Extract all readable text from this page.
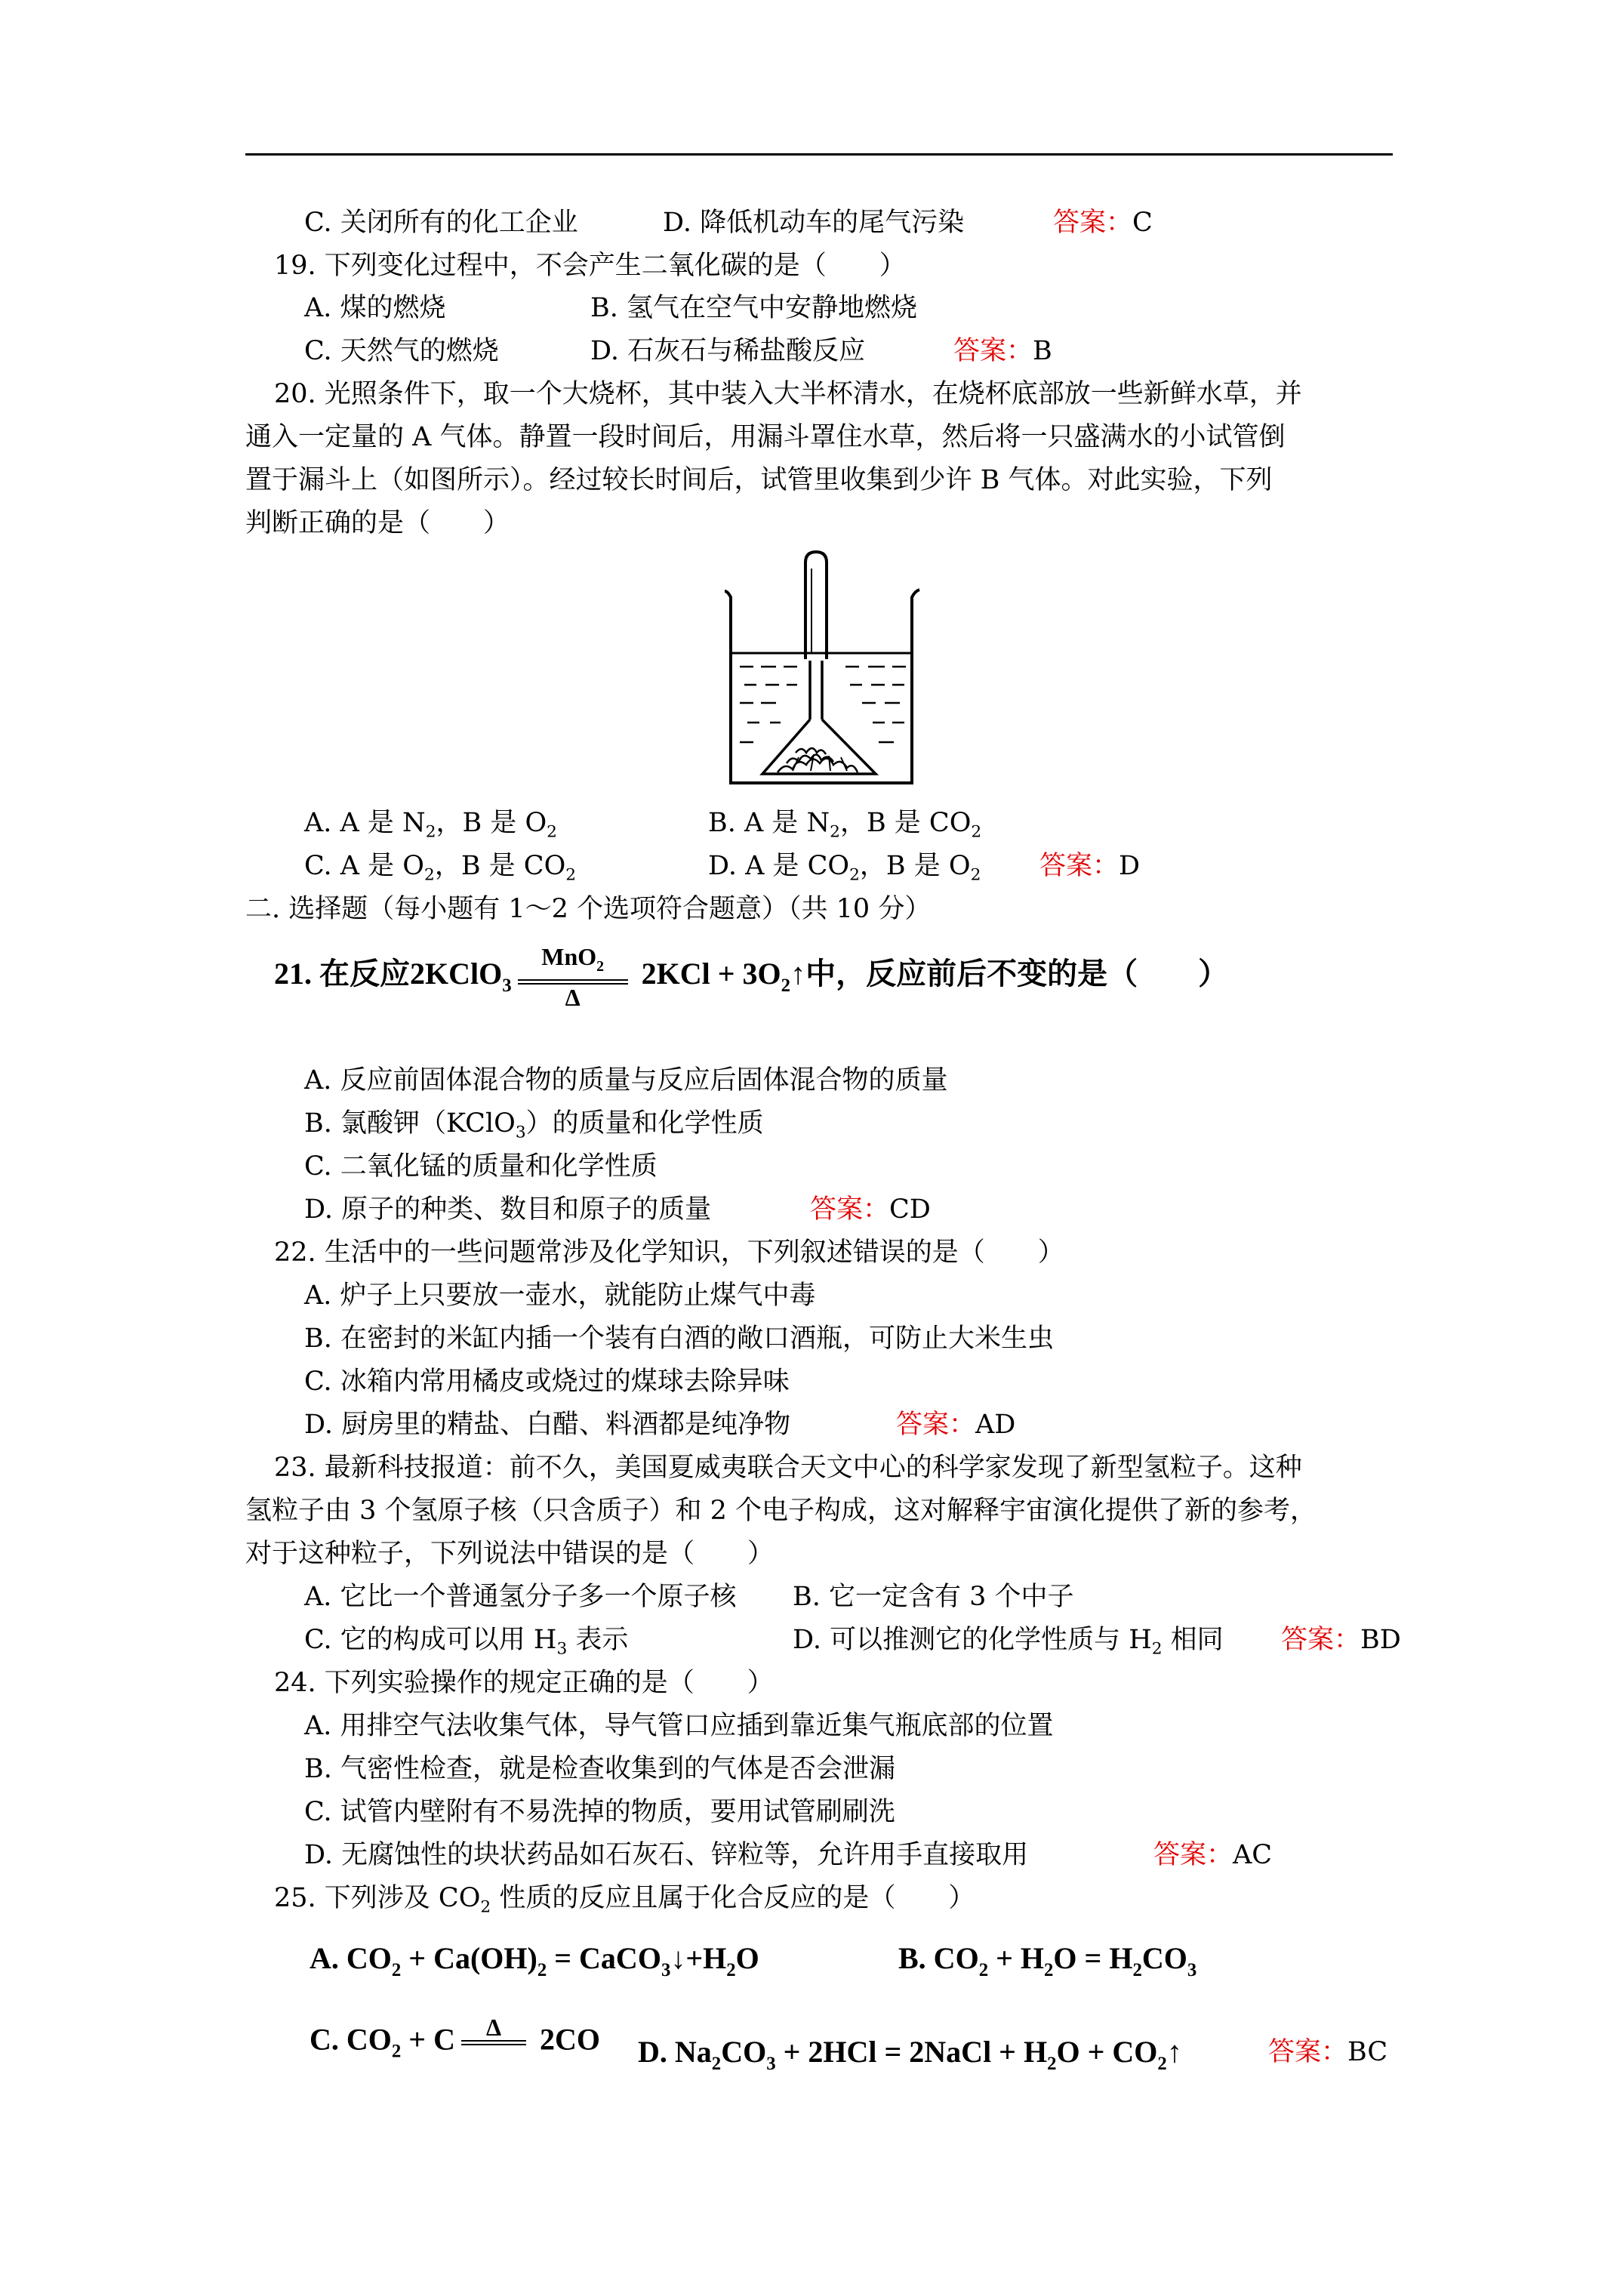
C. 关闭所有的化工企业	D. 降低机动车的尾气污染	答案：C
19. 下列变化过程中，不会产生二氧化碳的是（　　）
A. 煤的燃烧	B. 氢气在空气中安静地燃烧
C. 天然气的燃烧	D. 石灰石与稀盐酸反应	答案：B
20. 光照条件下，取一个大烧杯，其中装入大半杯清水，在烧杯底部放一些新鲜水草，并
通入一定量的 A 气体。静置一段时间后，用漏斗罩住水草，然后将一只盛满水的小试管倒
置于漏斗上（如图所示）。经过较长时间后，试管里收集到少许 B 气体。对此实验，下列
判断正确的是（　　）
A. A 是 $N_2$，B 是 $O_2$	B. A 是 $N_2$，B 是 $CO_2$
C. A 是 $O_2$，B 是 $CO_2$	D. A 是 $CO_2$，B 是 $O_2$ 答案：D
二. 选择题（每小题有 1～2 个选项符合题意）（共 10 分）
21. 在反应2KClO$_3$
MnO$_2$
Δ
$2KCl + 3O_2↑$中，反应前后不变的是（　　）
A. 反应前固体混合物的质量与反应后固体混合物的质量
B. 氯酸钾（KClO$_3$）的质量和化学性质
C. 二氧化锰的质量和化学性质
D. 原子的种类、数目和原子的质量	答案：CD
22. 生活中的一些问题常涉及化学知识，下列叙述错误的是（　　）
A. 炉子上只要放一壶水，就能防止煤气中毒
B. 在密封的米缸内插一个装有白酒的敞口酒瓶，可防止大米生虫
C. 冰箱内常用橘皮或烧过的煤球去除异味
D. 厨房里的精盐、白醋、料酒都是纯净物	答案：AD
23. 最新科技报道：前不久，美国夏威夷联合天文中心的科学家发现了新型氢粒子。这种
氢粒子由 3 个氢原子核（只含质子）和 2 个电子构成，这对解释宇宙演化提供了新的参考，
对于这种粒子，下列说法中错误的是（　　）
A. 它比一个普通氢分子多一个原子核 B. 它一定含有 3 个中子
C. 它的构成可以用 $H_3$ 表示	D. 可以推测它的化学性质与 $H_2$ 相同 答案：BD
24. 下列实验操作的规定正确的是（　　）
A. 用排空气法收集气体，导气管口应插到靠近集气瓶底部的位置
B. 气密性检查，就是检查收集到的气体是否会泄漏
C. 试管内壁附有不易洗掉的物质，要用试管刷刷洗
D. 无腐蚀性的块状药品如石灰石、锌粒等，允许用手直接取用	答案：AC
25. 下列涉及 $CO_2$ 性质的反应且属于化合反应的是（　　）
A. $CO_2 + Ca(OH)_2$ = $CaCO_3↓+H_2O$	B. $CO_2 + H_2O = H_2CO_3$
C. $CO_2 + C$	Δ	2CO D. $Na_2CO_3 + 2HCl$ = 2NaCl + $H_2O$ + $CO_2↑$	答案：BC
